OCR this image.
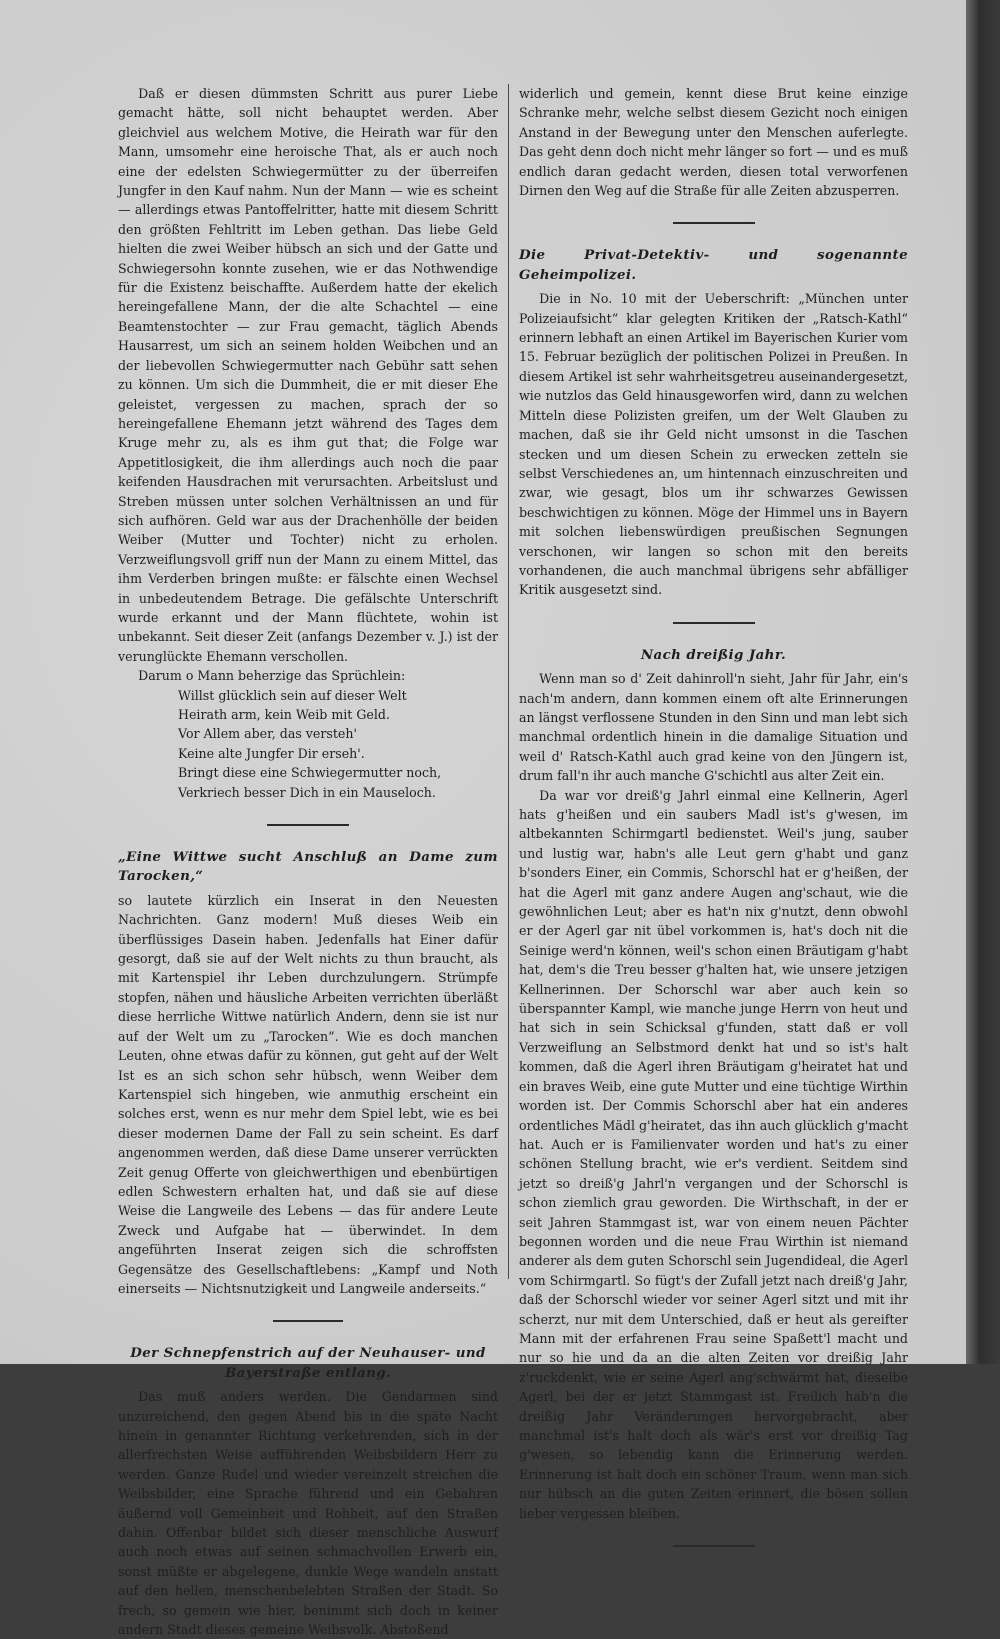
Daß er diesen dümmsten Schritt aus purer Liebe gemacht hätte, soll nicht behauptet werden. Aber gleichviel aus welchem Motive, die Heirath war für den Mann, umsomehr eine heroische That, als er auch noch eine der edelsten Schwiegermütter zu der überreifen Jungfer in den Kauf nahm. Nun der Mann — wie es scheint — allerdings etwas Pantoffelritter, hatte mit diesem Schritt den größten Fehltritt im Leben gethan. Das liebe Geld hielten die zwei Weiber hübsch an sich und der Gatte und Schwiegersohn konnte zusehen, wie er das Nothwendige für die Existenz beischaffte. Außerdem hatte der ekelich hereingefallene Mann, der die alte Schachtel — eine Beamtenstochter — zur Frau gemacht, täglich Abends Hausarrest, um sich an seinem holden Weibchen und an der liebevollen Schwiegermutter nach Gebühr satt sehen zu können. Um sich die Dummheit, die er mit dieser Ehe geleistet, vergessen zu machen, sprach der so hereingefallene Ehemann jetzt während des Tages dem Kruge mehr zu, als es ihm gut that; die Folge war Appetitlosigkeit, die ihm allerdings auch noch die paar keifenden Hausdrachen mit verursachten. Arbeitslust und Streben müssen unter solchen Verhältnissen an und für sich aufhören. Geld war aus der Drachenhölle der beiden Weiber (Mutter und Tochter) nicht zu erholen. Verzweiflungsvoll griff nun der Mann zu einem Mittel, das ihm Verderben bringen mußte: er fälschte einen Wechsel in unbedeutendem Betrage. Die gefälschte Unterschrift wurde erkannt und der Mann flüchtete, wohin ist unbekannt. Seit dieser Zeit (anfangs Dezember v. J.) ist der verunglückte Ehemann verschollen.

Darum o Mann beherzige das Sprüchlein:

Willst glücklich sein auf dieser Welt
Heirath arm, kein Weib mit Geld.
Vor Allem aber, das versteh'
Keine alte Jungfer Dir erseh'.
Bringt diese eine Schwiegermutter noch,
Verkriech besser Dich in ein Mauseloch.
„Eine Wittwe sucht Anschluß an Dame zum Tarocken,“

so lautete kürzlich ein Inserat in den Neuesten Nachrichten. Ganz modern! Muß dieses Weib ein überflüssiges Dasein haben. Jedenfalls hat Einer dafür gesorgt, daß sie auf der Welt nichts zu thun braucht, als mit Kartenspiel ihr Leben durchzulungern. Strümpfe stopfen, nähen und häusliche Arbeiten verrichten überläßt diese herrliche Wittwe natürlich Andern, denn sie ist nur auf der Welt um zu „Tarocken“. Wie es doch manchen Leuten, ohne etwas dafür zu können, gut geht auf der Welt Ist es an sich schon sehr hübsch, wenn Weiber dem Kartenspiel sich hingeben, wie anmuthig erscheint ein solches erst, wenn es nur mehr dem Spiel lebt, wie es bei dieser modernen Dame der Fall zu sein scheint. Es darf angenommen werden, daß diese Dame unserer verrückten Zeit genug Offerte von gleichwerthigen und ebenbürtigen edlen Schwestern erhalten hat, und daß sie auf diese Weise die Langweile des Lebens — das für andere Leute Zweck und Aufgabe hat — überwindet. In dem angeführten Inserat zeigen sich die schroffsten Gegensätze des Gesellschaftlebens: „Kampf und Noth einerseits — Nichtsnutzigkeit und Langweile anderseits.“

Der Schnepfenstrich auf der Neuhauser- und Bayerstraße entlang.

Das muß anders werden. Die Gendarmen sind unzureichend, den gegen Abend bis in die späte Nacht hinein in genannter Richtung verkehrenden, sich in der allerfrechsten Weise aufführenden Weibsbildern Herr zu werden. Ganze Rudel und wieder vereinzelt streichen die Weibsbilder, eine Sprache führend und ein Gebahren äußernd voll Gemeinheit und Rohheit, auf den Straßen dahin. Offenbar bildet sich dieser menschliche Auswurf auch noch etwas auf seinen schmachvollen Erwerb ein, sonst müßte er abgelegene, dunkle Wege wandeln anstatt auf den hellen, menschenbelebten Straßen der Stadt. So frech, so gemein wie hier, benimmt sich doch in keiner andern Stadt dieses gemeine Weibsvolk. Abstoßend

widerlich und gemein, kennt diese Brut keine einzige Schranke mehr, welche selbst diesem Gezicht noch einigen Anstand in der Bewegung unter den Menschen auferlegte. Das geht denn doch nicht mehr länger so fort — und es muß endlich daran gedacht werden, diesen total verworfenen Dirnen den Weg auf die Straße für alle Zeiten abzusperren.

Die Privat-Detektiv- und sogenannte Geheimpolizei.

Die in No. 10 mit der Ueberschrift: „München unter Polizeiaufsicht“ klar gelegten Kritiken der „Ratsch-Kathl“ erinnern lebhaft an einen Artikel im Bayerischen Kurier vom 15. Februar bezüglich der politischen Polizei in Preußen. In diesem Artikel ist sehr wahrheitsgetreu auseinandergesetzt, wie nutzlos das Geld hinausgeworfen wird, dann zu welchen Mitteln diese Polizisten greifen, um der Welt Glauben zu machen, daß sie ihr Geld nicht umsonst in die Taschen stecken und um diesen Schein zu erwecken zetteln sie selbst Verschiedenes an, um hintennach einzuschreiten und zwar, wie gesagt, blos um ihr schwarzes Gewissen beschwichtigen zu können. Möge der Himmel uns in Bayern mit solchen liebenswürdigen preußischen Segnungen verschonen, wir langen so schon mit den bereits vorhandenen, die auch manchmal übrigens sehr abfälliger Kritik ausgesetzt sind.

Nach dreißig Jahr.

Wenn man so d' Zeit dahinroll'n sieht, Jahr für Jahr, ein's nach'm andern, dann kommen einem oft alte Erinnerungen an längst verflossene Stunden in den Sinn und man lebt sich manchmal ordentlich hinein in die damalige Situation und weil d' Ratsch-Kathl auch grad keine von den Jüngern ist, drum fall'n ihr auch manche G'schichtl aus alter Zeit ein.

Da war vor dreiß'g Jahrl einmal eine Kellnerin, Agerl hats g'heißen und ein saubers Madl ist's g'wesen, im altbekannten Schirmgartl bedienstet. Weil's jung, sauber und lustig war, habn's alle Leut gern g'habt und ganz b'sonders Einer, ein Commis, Schorschl hat er g'heißen, der hat die Agerl mit ganz andere Augen ang'schaut, wie die gewöhnlichen Leut; aber es hat'n nix g'nutzt, denn obwohl er der Agerl gar nit übel vorkommen is, hat's doch nit die Seinige werd'n können, weil's schon einen Bräutigam g'habt hat, dem's die Treu besser g'halten hat, wie unsere jetzigen Kellnerinnen. Der Schorschl war aber auch kein so überspannter Kampl, wie manche junge Herrn von heut und hat sich in sein Schicksal g'funden, statt daß er voll Verzweiflung an Selbstmord denkt hat und so ist's halt kommen, daß die Agerl ihren Bräutigam g'heiratet hat und ein braves Weib, eine gute Mutter und eine tüchtige Wirthin worden ist. Der Commis Schorschl aber hat ein anderes ordentliches Mädl g'heiratet, das ihn auch glücklich g'macht hat. Auch er is Familienvater worden und hat's zu einer schönen Stellung bracht, wie er's verdient. Seitdem sind jetzt so dreiß'g Jahrl'n vergangen und der Schorschl is schon ziemlich grau geworden. Die Wirthschaft, in der er seit Jahren Stammgast ist, war von einem neuen Pächter begonnen worden und die neue Frau Wirthin ist niemand anderer als dem guten Schorschl sein Jugendideal, die Agerl vom Schirmgartl. So fügt's der Zufall jetzt nach dreiß'g Jahr, daß der Schorschl wieder vor seiner Agerl sitzt und mit ihr scherzt, nur mit dem Unterschied, daß er heut als gereifter Mann mit der erfahrenen Frau seine Spaßett'l macht und nur so hie und da an die alten Zeiten vor dreißig Jahr z'ruckdenkt, wie er seine Agerl ang'schwärmt hat, dieselbe Agerl, bei der er jetzt Stammgast ist. Freilich hab'n die dreißig Jahr Veränderungen hervorgebracht, aber manchmal ist's halt doch als wär's erst vor dreißig Tag g'wesen, so lebendig kann die Erinnerung werden. Erinnerung ist halt doch ein schöner Traum, wenn man sich nur hübsch an die guten Zeiten erinnert, die bösen sollen lieber vergessen bleiben.
